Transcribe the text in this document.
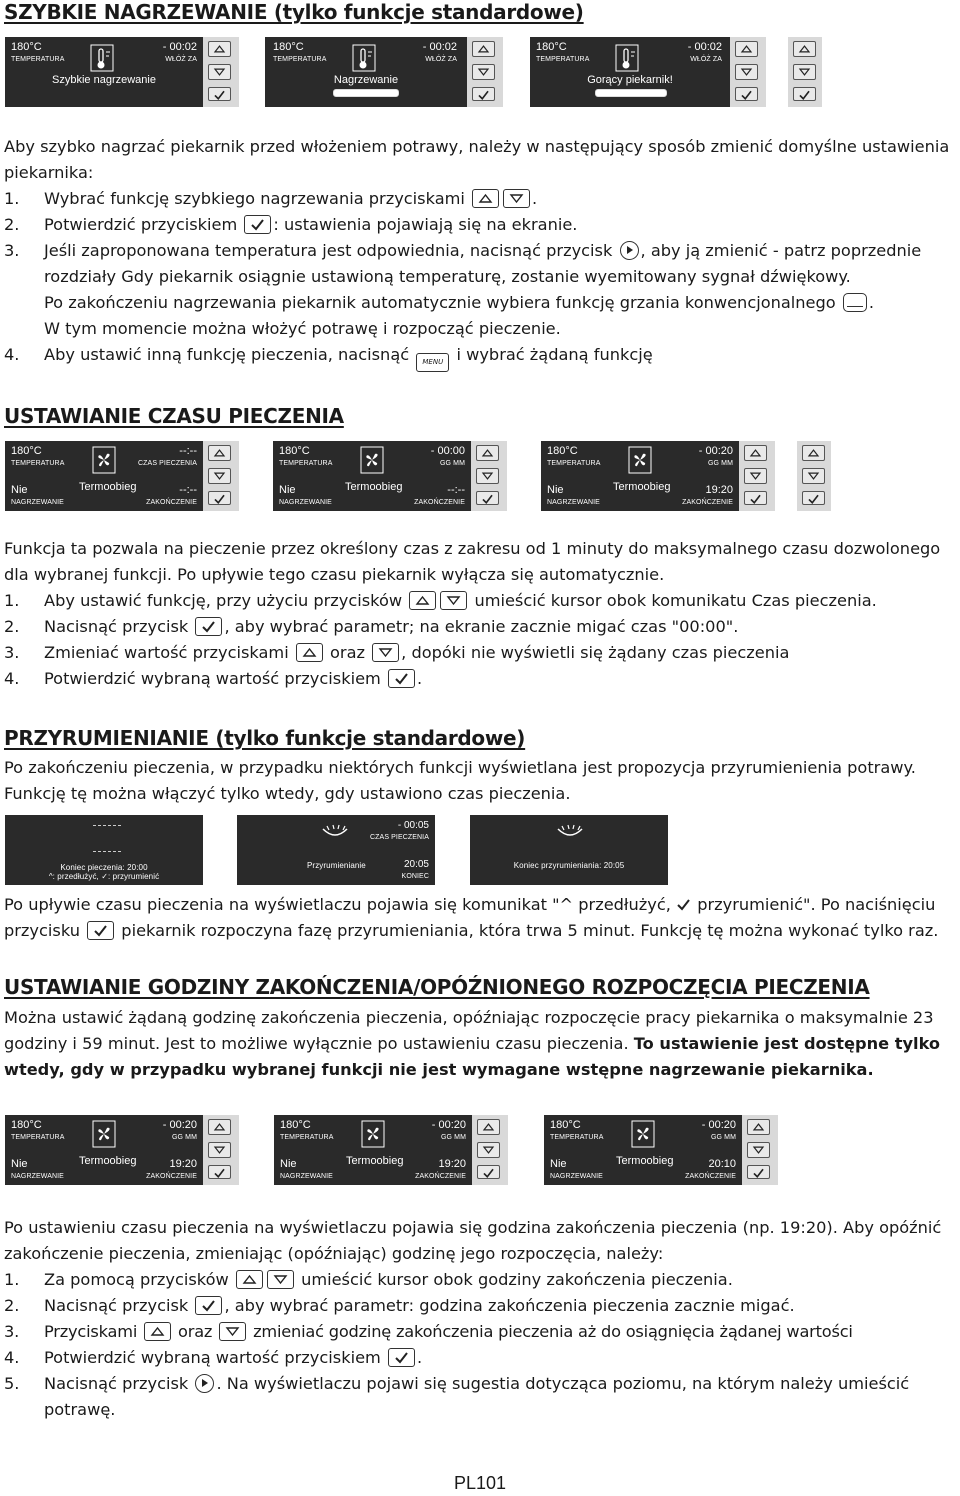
SZYBKIE NAGRZEWANIE (tylko funkcje standardowe)
180°C
TEMPERATURA
- 00:02
WŁÓŻ ZA
Szybkie nagrzewanie
180°C
TEMPERATURA
- 00:02
WŁÓŻ ZA
Nagrzewanie
180°C
TEMPERATURA
- 00:02
WŁÓŻ ZA
Gorący piekarnik!

Aby szybko nagrzać piekarnik przed włożeniem potrawy, należy w następujący sposób zmienić domyślne ustawienia piekarnika:

1. Wybrać funkcję szybkiego nagrzewania przyciskami	.
2. Potwierdzić przyciskiem : ustawienia pojawiają się na ekranie.
3. Jeśli zaproponowana temperatura jest odpowiednia, nacisnąć przycisk , aby ją zmienić - patrz poprzednie rozdziały Gdy piekarnik osiągnie ustawioną temperaturę, zostanie wyemitowany sygnał dźwiękowy.
Po zakończeniu nagrzewania piekarnik automatycznie wybiera funkcję grzania konwencjonalnego .
W tym momencie można włożyć potrawę i rozpocząć pieczenie.
4. Aby ustawić inną funkcję pieczenia, nacisnąć MENU i wybrać żądaną funkcję
USTAWIANIE CZASU PIECZENIA
180°C
TEMPERATURA
--:--
CZAS PIECZENIA
Nie
NAGRZEWANIE
Termoobieg	--:--
ZAKOŃCZENIE
180°C
TEMPERATURA
- 00:00
GG MM
Nie
NAGRZEWANIE
Termoobieg	--:--
ZAKOŃCZENIE
180°C
TEMPERATURA
- 00:20
GG MM
Nie
NAGRZEWANIE
Termoobieg	19:20
ZAKOŃCZENIE

Funkcja ta pozwala na pieczenie przez określony czas z zakresu od 1 minuty do maksymalnego czasu dozwolonego dla wybranej funkcji. Po upływie tego czasu piekarnik wyłącza się automatycznie.

1. Aby ustawić funkcję, przy użyciu przycisków	umieścić kursor obok komunikatu Czas pieczenia.
2. Nacisnąć przycisk , aby wybrać parametr; na ekranie zacznie migać czas "00:00".
3. Zmieniać wartość przyciskami	oraz , dopóki nie wyświetli się żądany czas pieczenia
4. Potwierdzić wybraną wartość przyciskiem .
PRZYRUMIENIANIE (tylko funkcje standardowe)

Po zakończeniu pieczenia, w przypadku niektórych funkcji wyświetlana jest propozycja przyrumienienia potrawy. Funkcję tę można włączyć tylko wtedy, gdy ustawiono czas pieczenia.

Koniec pieczenia: 20:00
^: przedłużyć, ✓: przyrumienić
- 00:05
CZAS PIECZENIA
Przyrumienianie	20:05
KONIEC
Koniec przyrumieniania: 20:05

Po upływie czasu pieczenia na wyświetlaczu pojawia się komunikat "^ przedłużyć, przyrumienić". Po naciśnięciu przycisku	piekarnik rozpoczyna fazę przyrumieniania, która trwa 5 minut. Funkcję tę można wykonać tylko raz.

USTAWIANIE GODZINY ZAKOŃCZENIA/OPÓŹNIONEGO ROZPOCZĘCIA PIECZENIA

Można ustawić żądaną godzinę zakończenia pieczenia, opóźniając rozpoczęcie pracy piekarnika o maksymalnie 23 godziny i 59 minut. Jest to możliwe wyłącznie po ustawieniu czasu pieczenia. To ustawienie jest dostępne tylko wtedy, gdy w przypadku wybranej funkcji nie jest wymagane wstępne nagrzewanie piekarnika.

180°C
TEMPERATURA
- 00:20
GG MM
Nie
NAGRZEWANIE
Termoobieg	19:20
ZAKOŃCZENIE
180°C
TEMPERATURA
- 00:20
GG MM
Nie
NAGRZEWANIE
Termoobieg	19:20
ZAKOŃCZENIE
180°C
TEMPERATURA
- 00:20
GG MM
Nie
NAGRZEWANIE
Termoobieg	20:10
ZAKOŃCZENIE

Po ustawieniu czasu pieczenia na wyświetlaczu pojawia się godzina zakończenia pieczenia (np. 19:20). Aby opóźnić zakończenie pieczenia, zmieniając (opóźniając) godzinę jego rozpoczęcia, należy:

1. Za pomocą przycisków	umieścić kursor obok godziny zakończenia pieczenia.
2. Nacisnąć przycisk , aby wybrać parametr: godzina zakończenia pieczenia zacznie migać.
3. Przyciskami	oraz	zmieniać godzinę zakończenia pieczenia aż do osiągnięcia żądanej wartości
4. Potwierdzić wybraną wartość przyciskiem .
5. Nacisnąć przycisk . Na wyświetlaczu pojawi się sugestia dotycząca poziomu, na którym należy umieścić potrawę.
PL101
